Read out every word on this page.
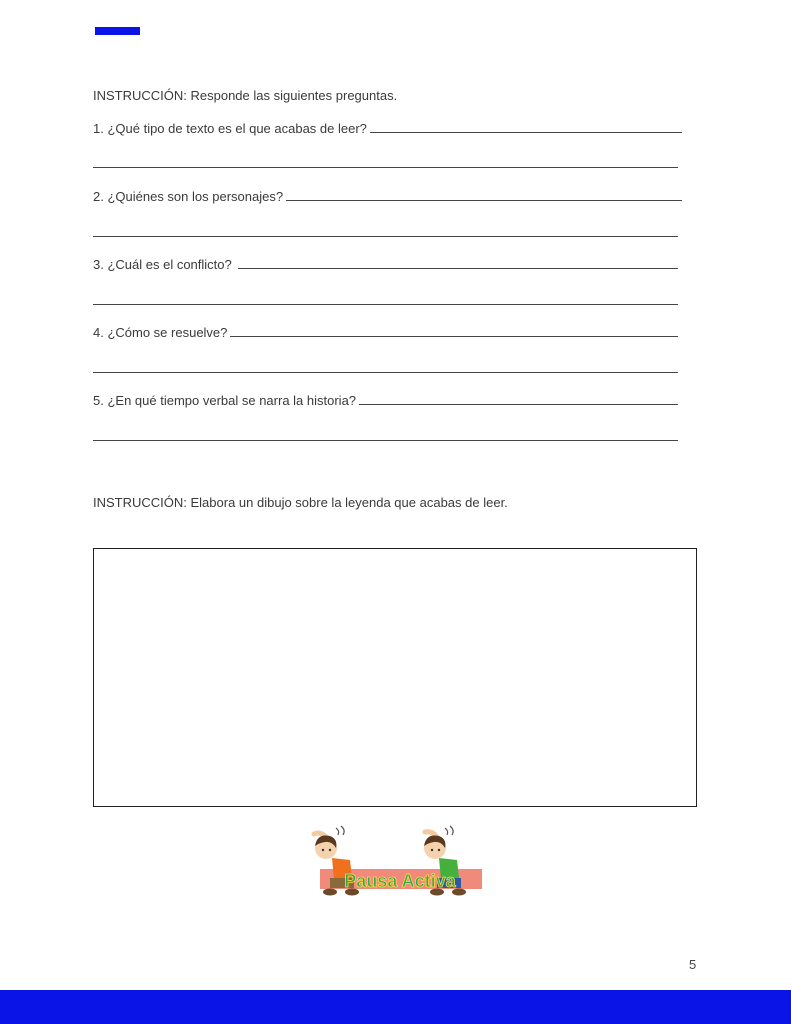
INSTRUCCIÓN: Responde las siguientes preguntas.
1. ¿Qué tipo de texto es el que acabas de leer?
2. ¿Quiénes son los personajes?
3. ¿Cuál es el conflicto?
4. ¿Cómo se resuelve?
5. ¿En qué tiempo verbal se narra la historia?
INSTRUCCIÓN: Elabora un dibujo sobre la leyenda que acabas de leer.
Pausa Activa
5
